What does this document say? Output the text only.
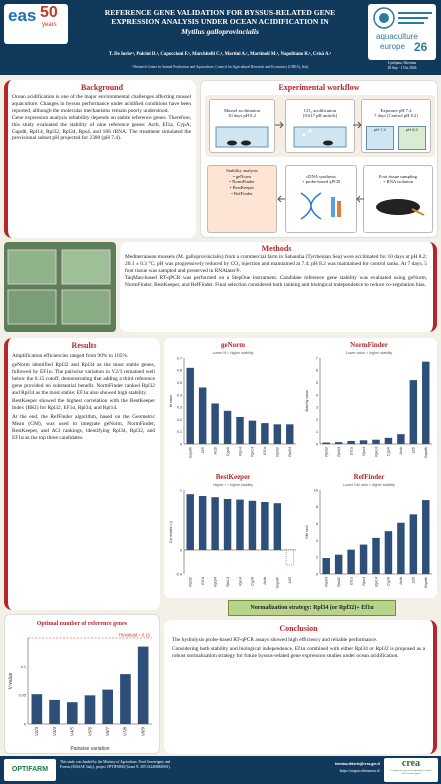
eas 50
years
REFERENCE GENE VALIDATION FOR BYSSUS-RELATED GENE
EXPRESSION ANALYSIS UNDER OCEAN ACIDIFICATION IN
Mytilus galloprovincialis
T. De Iorio¹², Pulcini D.¹, Capoccioni F.¹, Marchitelli C.¹, Martini A.¹, Martinoli M.¹, Napolitano R.¹, Crisà A.¹
¹ Research Centre in Animal Production and Aquaculture, Council for Agricultural Research and Economics (CREA), Italy
aquaculture
europe 26
Ljubljana, Slovenia
28 Sep - 1 Oct 2026
Background
Ocean acidification is one of the major environmental challenges affecting mussel aquaculture. Changes in byssus performance under acidified conditions have been reported, although the molecular mechanisms remain poorly understood.
Gene expression analysis reliability depends on stable reference genes. Therefore, this study evaluated the stability of nine reference genes: Actb, Ef1a, CypA, Gapdh, Rpl14, Rpl32, Rpl34, Rps4, and 18S rRNA. The treatment simulated the provisional subset pH projected for 2300 (pH 7.4).
Experimental workflow

Mussel acclimation
10 days pH 8.2

CO₂ acidification
[0.017 pH units/h]

Exposure pH 7.4
7 days [Control pH 8.2]

pH 7.4	pH 8.2

Stability analysis
• geNorm
• NormFinder
• BestKeeper
• RefFinder

cDNA synthesis
+ probe-based qPCR

Foot tissue sampling
+ RNA isolation

Methods
Mediterranean mussels (M. galloprovincialis) from a commercial farm in Sabaudia (Tyrrhenian Sea) were acclimated for 10 days at pH 8.2; 20.1 ± 0.3 °C; pH was progressively reduced by CO₂ injection and maintained at 7.4; pH 8.2 was maintained for control tanks. At 7 days, 5 foot tissue was sampled and preserved in RNAlater®.
TaqMan-based RT-qPCR was performed on a StepOne instrument. Candidate reference gene stability was evaluated using geNorm, NormFinder, BestKeeper, and RefFinder. Final selection considered both ranking and biological independence to reduce co-regulation bias.
Results
Amplification efficiencies ranged from 90% to 105%.
geNorm identified Rpl32 and Rpl34 as the most stable genes, followed by EF1α. The pairwise variation in V2/3 remained well below the 0.15 cutoff, demonstrating that adding a third reference gene provided no substantial benefit. NormFinder ranked Rpl32 and Rpl34 as the most stable; EF1α also showed high stability.
BestKeeper showed the highest correlation with the BestKeeper Index (BKI) for Rpl32, EF1α, Rpl34, and Rpl14.
At the end, the RefFinder algorithm, based on the Geometric Mean (GM), was used to integrate geNorm, NormFinder, BestKeeper, and ΔCt rankings, identifying Rpl34, Rpl32, and EF1α as the top three candidates.
geNorm
Lower M = higher stability
0
0.1
0.2
0.3
0.4
0.5
0.6
0.7
M value
Gapdh 18S Actb CypA Rps4 Rpl14 Ef1a Rpl32 Rpl34
NormFinder
Lower value = higher stability
0
1
2
3
4
5
6
7
Stability value
Rpl32 Rpl34 Ef1a Rps4 Rpl14 CypA Actb 18S Gapdh
BestKeeper
Higher r = higher stability
-0.4
0
1
Correlation (r)
Rpl32 Ef1a Rpl34 Rpl14 Rps4 CypA Actb Gapdh 18S
RefFinder
Lower GM rank = higher stability
0
2
4
6
8
10
GM rank
Rpl34 Rpl32 Ef1a Rps4 Rpl14 CypA Actb 18S Gapdh
Optimal number of reference genes
0
0.05
0.1
V-value
V2/3	V3/4	V4/5	V5/6	V6/7	V7/8	V8/9
Threshold = 0.15
Pairwise variation
Normalization strategy: Rpl34 (or Rpl32)+ Ef1α
Conclusion
The hydrolysis probe-based RT-qPCR assays showed high efficiency and reliable performance.
Considering both stability and biological independence, Ef1α combined with either Rpl34 or Rpl32 is proposed as a robust normalization strategy for future byssus-related gene expression studies under ocean acidification.
OPTIFARM
This study was funded by the Ministry of Agriculture, Food Sovereignty and Forests (MASAF, Italy), project OPTIFARM (Grant N. 20T1A2400000001).
teresina.deiorio@crea.gov.it
https://acquacolturacrea.it/
crea
Consiglio per la ricerca in agricoltura e l'analisi dell'economia agraria
